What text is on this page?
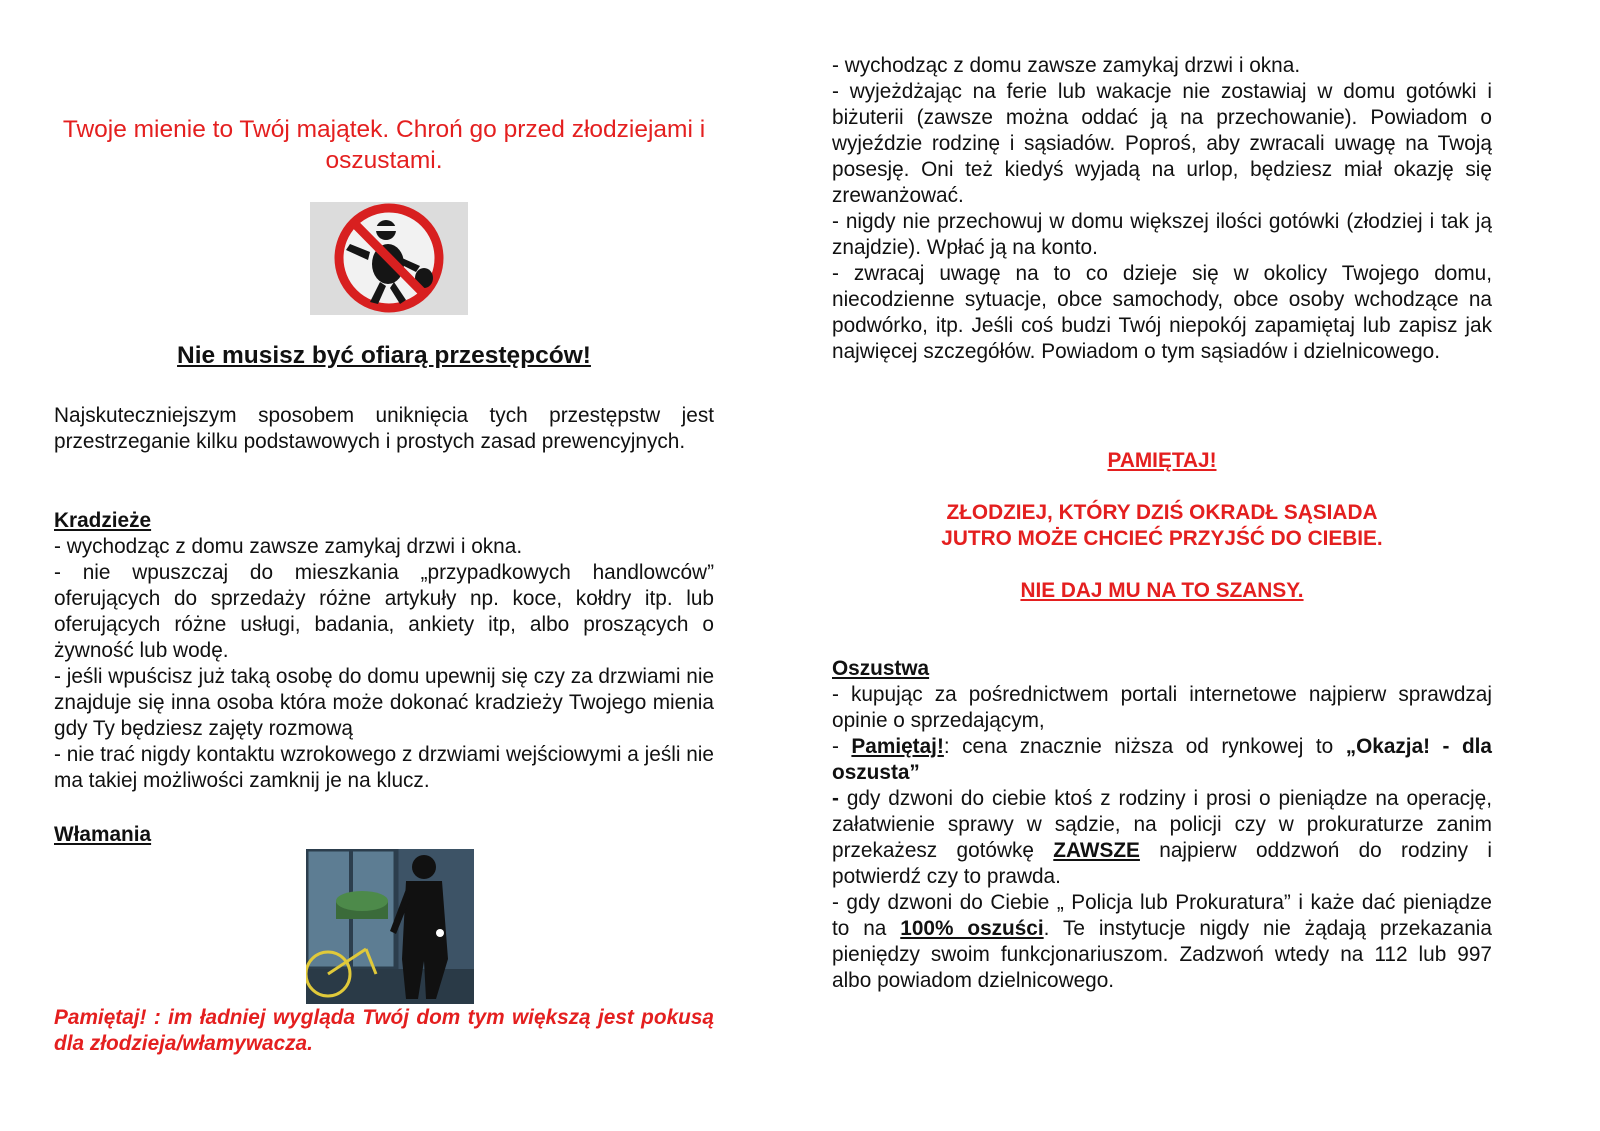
Twoje mienie to Twój majątek. Chroń go przed złodziejami i oszustami.
Nie musisz być ofiarą przestępców!

Najskuteczniejszym sposobem uniknięcia tych przestępstw jest przestrzeganie kilku podstawowych i prostych zasad prewencyjnych.

Kradzieże

- wychodząc z domu zawsze zamykaj drzwi i okna.

- nie wpuszczaj do mieszkania „przypadkowych handlowców” oferujących do sprzedaży różne artykuły np. koce, kołdry itp. lub oferujących różne usługi, badania, ankiety itp, albo proszących o żywność lub wodę.

- jeśli wpuścisz już taką osobę do domu upewnij się czy za drzwiami nie znajduje się inna osoba która może dokonać kradzieży Twojego mienia gdy Ty będziesz zajęty rozmową

- nie trać nigdy kontaktu wzrokowego z drzwiami wejściowymi a jeśli nie ma takiej możliwości zamknij je na klucz.

Włamania
Pamiętaj! : im ładniej wygląda Twój dom tym większą jest pokusą dla złodzieja/włamywacza.

- wychodząc z domu zawsze zamykaj drzwi i okna.

- wyjeżdżając na ferie lub wakacje nie zostawiaj w domu gotówki i biżuterii (zawsze można oddać ją na przechowanie). Powiadom o wyjeździe rodzinę i sąsiadów. Poproś, aby zwracali uwagę na Twoją posesję. Oni też kiedyś wyjadą na urlop, będziesz miał okazję się zrewanżować.

- nigdy nie przechowuj w domu większej ilości gotówki (złodziej i tak ją znajdzie). Wpłać ją na konto.

- zwracaj uwagę na to co dzieje się w okolicy Twojego domu, niecodzienne sytuacje, obce samochody, obce osoby wchodzące na podwórko, itp. Jeśli coś budzi Twój niepokój zapamiętaj lub zapisz jak najwięcej szczegółów. Powiadom o tym sąsiadów i dzielnicowego.

PAMIĘTAJ!
ZŁODZIEJ, KTÓRY DZIŚ OKRADŁ SĄSIADA
JUTRO MOŻE CHCIEĆ PRZYJŚĆ DO CIEBIE.
NIE DAJ MU NA TO SZANSY.
Oszustwa

- kupując za pośrednictwem portali internetowe najpierw sprawdzaj opinie o sprzedającym,

- Pamiętaj!: cena znacznie niższa od rynkowej to „Okazja! - dla oszusta”

- gdy dzwoni do ciebie ktoś z rodziny i prosi o pieniądze na operację, załatwienie sprawy w sądzie, na policji czy w prokuraturze zanim przekażesz gotówkę ZAWSZE najpierw oddzwoń do rodziny i potwierdź czy to prawda.

- gdy dzwoni do Ciebie „ Policja lub Prokuratura” i każe dać pieniądze to na 100% oszuści. Te instytucje nigdy nie żądają przekazania pieniędzy swoim funkcjonariuszom. Zadzwoń wtedy na 112 lub 997 albo powiadom dzielnicowego.
